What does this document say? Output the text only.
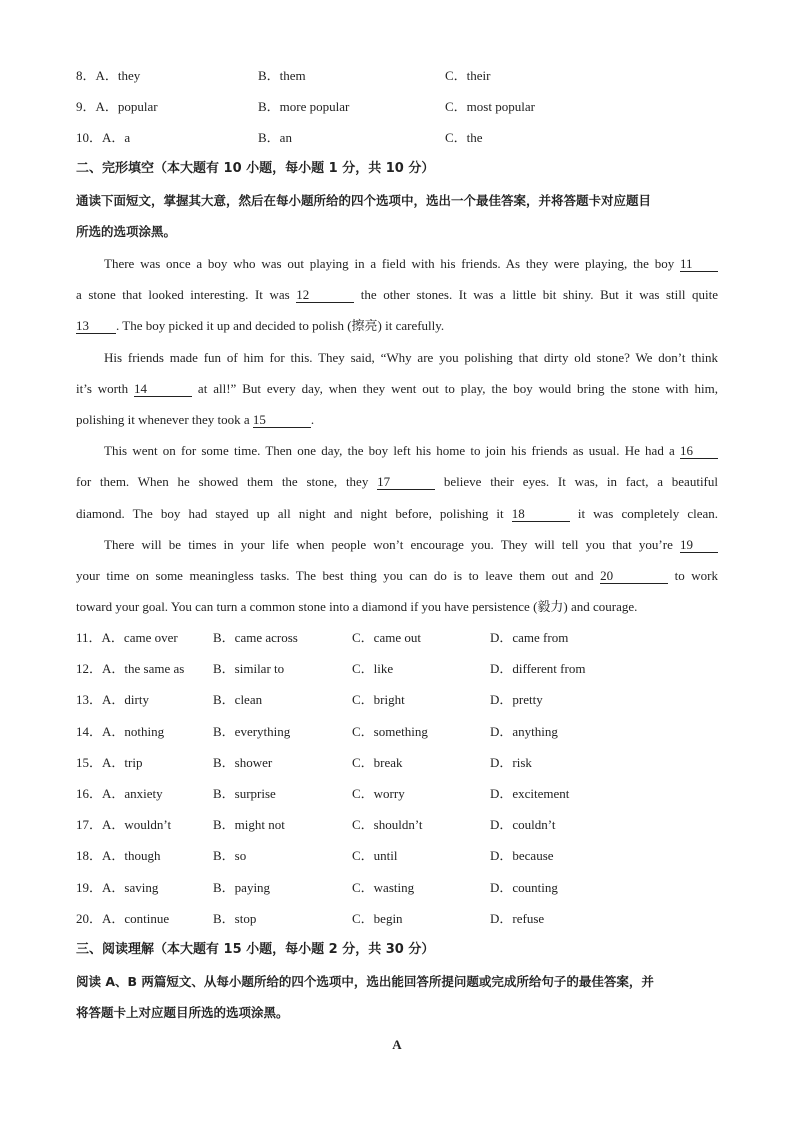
8．A．they	B．them	C．their
9．A．popular	B．more popular	C．most popular
10．A．a	B．an	C．the
二、完形填空（本大题有 10 小题，每小题 1 分，共 10 分）
通读下面短文，掌握其大意，然后在每小题所给的四个选项中，选出一个最佳答案，并将答题卡对应题目
所选的选项涂黑。
There was once a boy who was out playing in a field with his friends. As they were playing, the boy 11
a stone that looked interesting. It was 12	the other stones. It was a little bit shiny. But it was still quite
13 . The boy picked it up and decided to polish (擦亮) it carefully.
His friends made fun of him for this. They said, “Why are you polishing that dirty old stone? We don’t think
it’s worth 14	at all!” But every day, when they went out to play, the boy would bring the stone with him,
polishing it whenever they took a 15	.
This went on for some time. Then one day, the boy left his home to join his friends as usual. He had a 16
for them. When he showed them the stone, they 17	believe their eyes. It was, in fact, a beautiful
diamond. The boy had stayed up all night and night before, polishing it 18	it was completely clean.
There will be times in your life when people won’t encourage you. They will tell you that you’re 19
your time on some meaningless tasks. The best thing you can do is to leave them out and 20	to work
toward your goal. You can turn a common stone into a diamond if you have persistence (毅力) and courage.
11．A．came over	B．came across	C．came out	D．came from
12．A．the same as B．similar to	C．like	D．different from
13．A．dirty	B．clean	C．bright	D．pretty
14．A．nothing	B．everything	C．something	D．anything
15．A．trip	B．shower	C．break	D．risk
16．A．anxiety	B．surprise	C．worry	D．excitement
17．A．wouldn’t	B．might not	C．shouldn’t	D．couldn’t
18．A．though	B．so	C．until	D．because
19．A．saving	B．paying	C．wasting	D．counting
20．A．continue	B．stop	C．begin	D．refuse
三、阅读理解（本大题有 15 小题，每小题 2 分，共 30 分）
阅读 A、B 两篇短文、从每小题所给的四个选项中，选出能回答所提问题或完成所给句子的最佳答案，并
将答题卡上对应题目所选的选项涂黑。
A
